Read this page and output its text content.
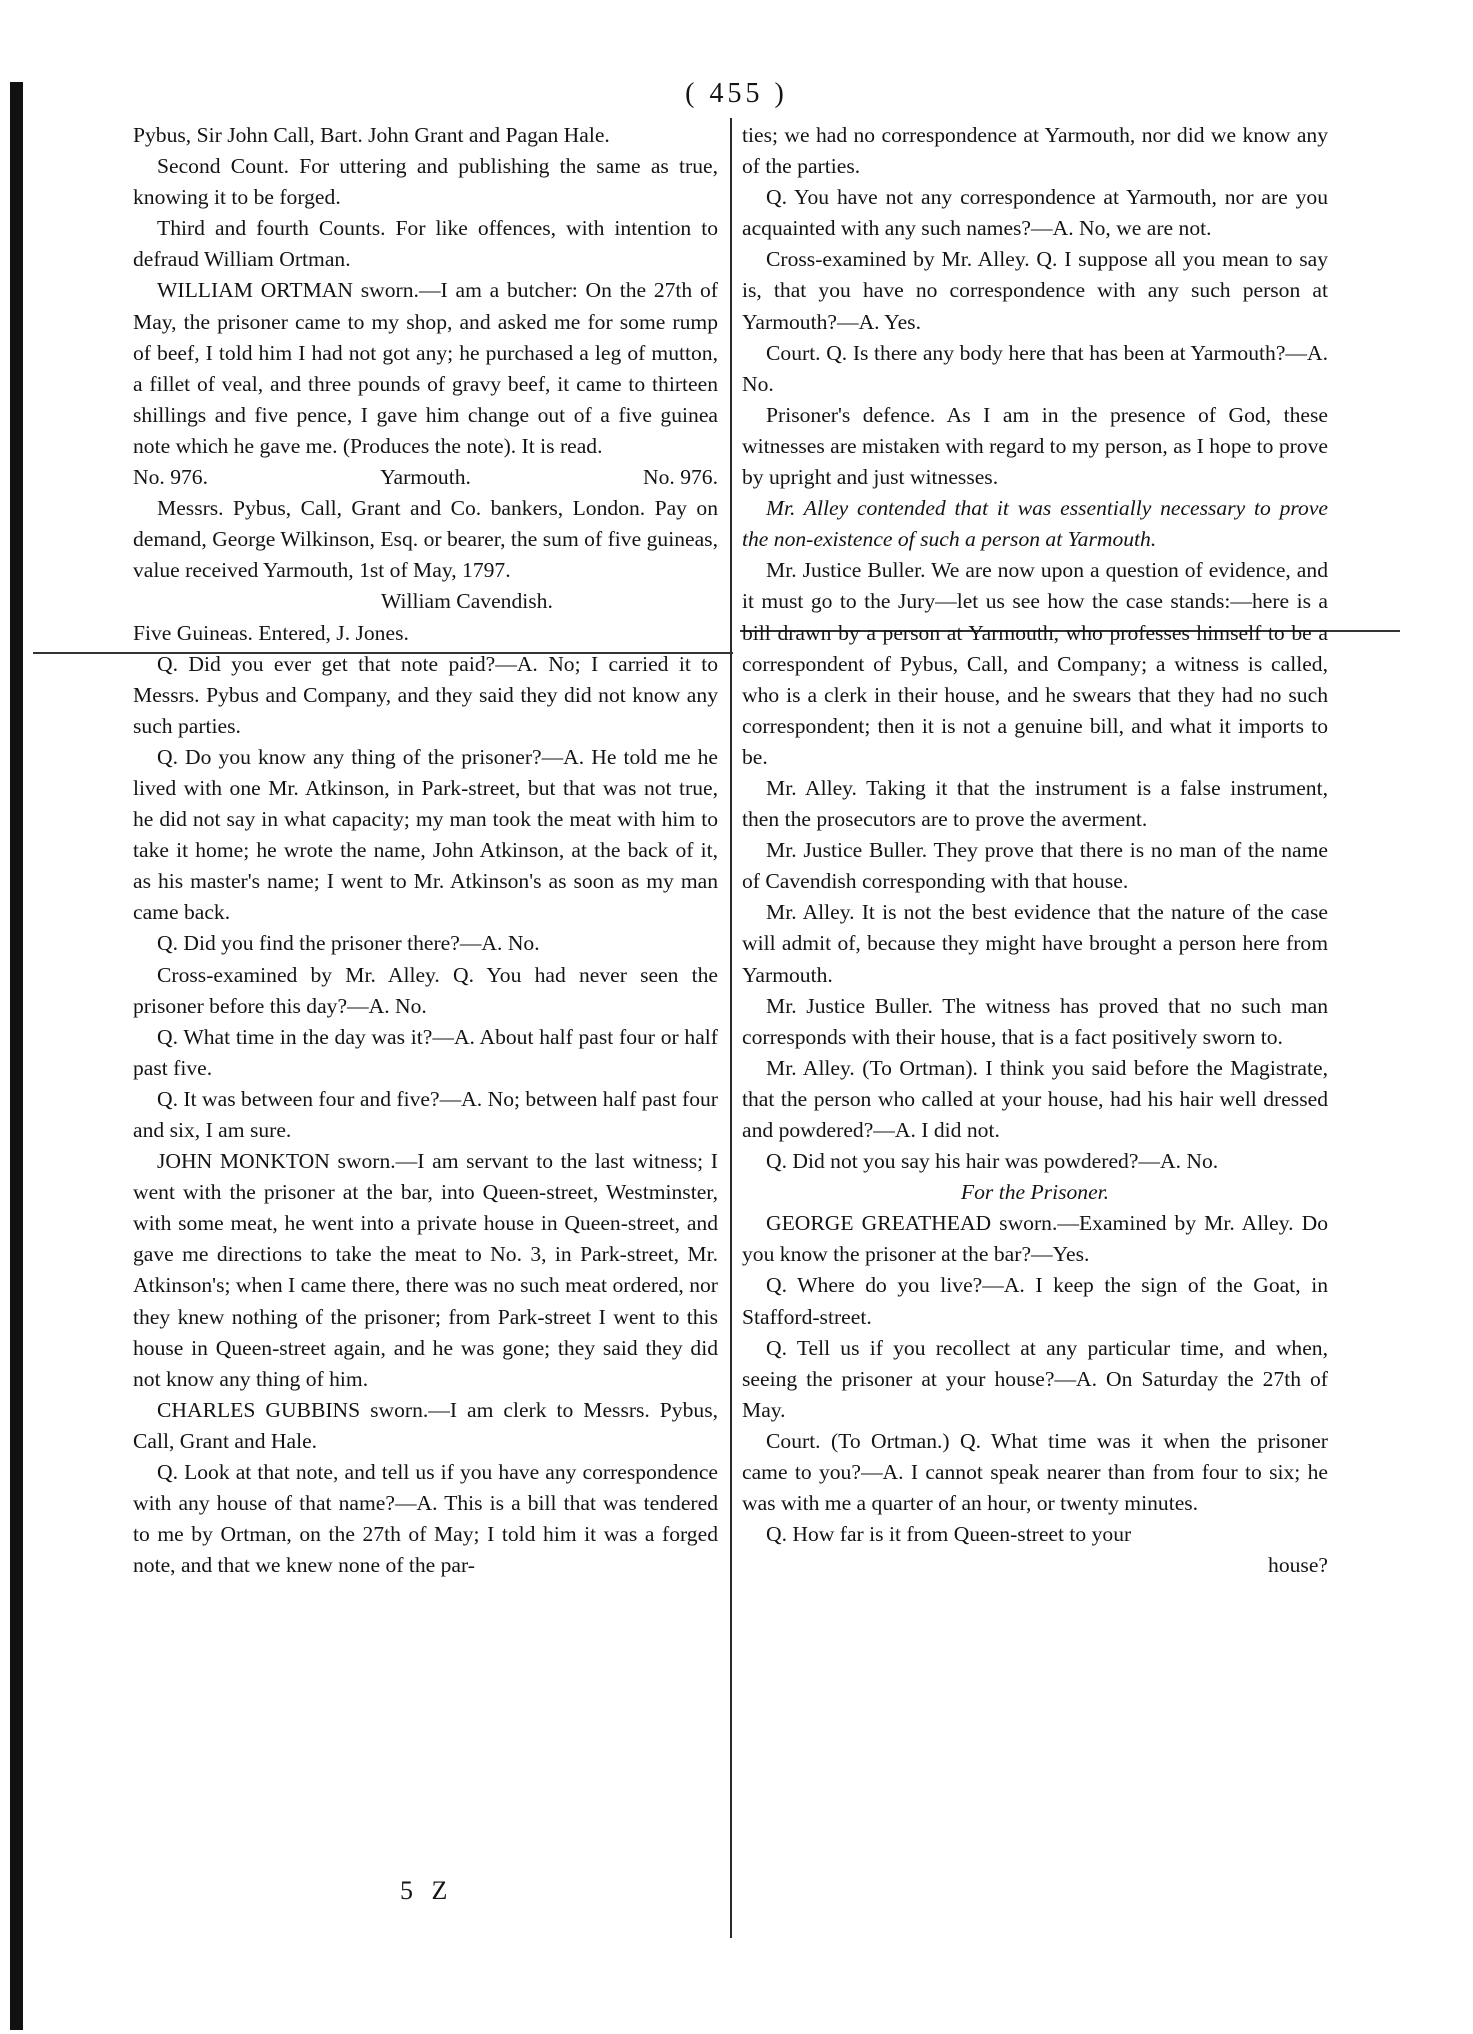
( 455 )

Pybus, Sir John Call, Bart. John Grant and Pagan Hale.

Second Count. For uttering and publishing the same as true, knowing it to be forged.

Third and fourth Counts. For like offences, with intention to defraud William Ortman.

WILLIAM ORTMAN sworn.—I am a butcher: On the 27th of May, the prisoner came to my shop, and asked me for some rump of beef, I told him I had not got any; he purchased a leg of mutton, a fillet of veal, and three pounds of gravy beef, it came to thirteen shillings and five pence, I gave him change out of a five guinea note which he gave me. (Produces the note). It is read.

No. 976.	Yarmouth.	No. 976.

Messrs. Pybus, Call, Grant and Co. bankers, London. Pay on demand, George Wilkinson, Esq. or bearer, the sum of five guineas, value received Yarmouth, 1st of May, 1797.

William Cavendish.

Five Guineas. Entered, J. Jones.

Q. Did you ever get that note paid?—A. No; I carried it to Messrs. Pybus and Company, and they said they did not know any such parties.

Q. Do you know any thing of the prisoner?—A. He told me he lived with one Mr. Atkinson, in Park-street, but that was not true, he did not say in what capacity; my man took the meat with him to take it home; he wrote the name, John Atkinson, at the back of it, as his master's name; I went to Mr. Atkinson's as soon as my man came back.

Q. Did you find the prisoner there?—A. No.

Cross-examined by Mr. Alley. Q. You had never seen the prisoner before this day?—A. No.

Q. What time in the day was it?—A. About half past four or half past five.

Q. It was between four and five?—A. No; between half past four and six, I am sure.

JOHN MONKTON sworn.—I am servant to the last witness; I went with the prisoner at the bar, into Queen-street, Westminster, with some meat, he went into a private house in Queen-street, and gave me directions to take the meat to No. 3, in Park-street, Mr. Atkinson's; when I came there, there was no such meat ordered, nor they knew nothing of the prisoner; from Park-street I went to this house in Queen-street again, and he was gone; they said they did not know any thing of him.

CHARLES GUBBINS sworn.—I am clerk to Messrs. Pybus, Call, Grant and Hale.

Q. Look at that note, and tell us if you have any correspondence with any house of that name?—A. This is a bill that was tendered to me by Ortman, on the 27th of May; I told him it was a forged note, and that we knew none of the par-

ties; we had no correspondence at Yarmouth, nor did we know any of the parties.

Q. You have not any correspondence at Yarmouth, nor are you acquainted with any such names?—A. No, we are not.

Cross-examined by Mr. Alley. Q. I suppose all you mean to say is, that you have no correspondence with any such person at Yarmouth?—A. Yes.

Court. Q. Is there any body here that has been at Yarmouth?—A. No.

Prisoner's defence. As I am in the presence of God, these witnesses are mistaken with regard to my person, as I hope to prove by upright and just witnesses.

Mr. Alley contended that it was essentially necessary to prove the non-existence of such a person at Yarmouth.

Mr. Justice Buller. We are now upon a question of evidence, and it must go to the Jury—let us see how the case stands:—here is a bill drawn by a person at Yarmouth, who professes himself to be a correspondent of Pybus, Call, and Company; a witness is called, who is a clerk in their house, and he swears that they had no such correspondent; then it is not a genuine bill, and what it imports to be.

Mr. Alley. Taking it that the instrument is a false instrument, then the prosecutors are to prove the averment.

Mr. Justice Buller. They prove that there is no man of the name of Cavendish corresponding with that house.

Mr. Alley. It is not the best evidence that the nature of the case will admit of, because they might have brought a person here from Yarmouth.

Mr. Justice Buller. The witness has proved that no such man corresponds with their house, that is a fact positively sworn to.

Mr. Alley. (To Ortman). I think you said before the Magistrate, that the person who called at your house, had his hair well dressed and powdered?—A. I did not.

Q. Did not you say his hair was powdered?—A. No.

For the Prisoner.

GEORGE GREATHEAD sworn.—Examined by Mr. Alley. Do you know the prisoner at the bar?—Yes.

Q. Where do you live?—A. I keep the sign of the Goat, in Stafford-street.

Q. Tell us if you recollect at any particular time, and when, seeing the prisoner at your house?—A. On Saturday the 27th of May.

Court. (To Ortman.) Q. What time was it when the prisoner came to you?—A. I cannot speak nearer than from four to six; he was with me a quarter of an hour, or twenty minutes.

Q. How far is it from Queen-street to your

house?

5 Z
